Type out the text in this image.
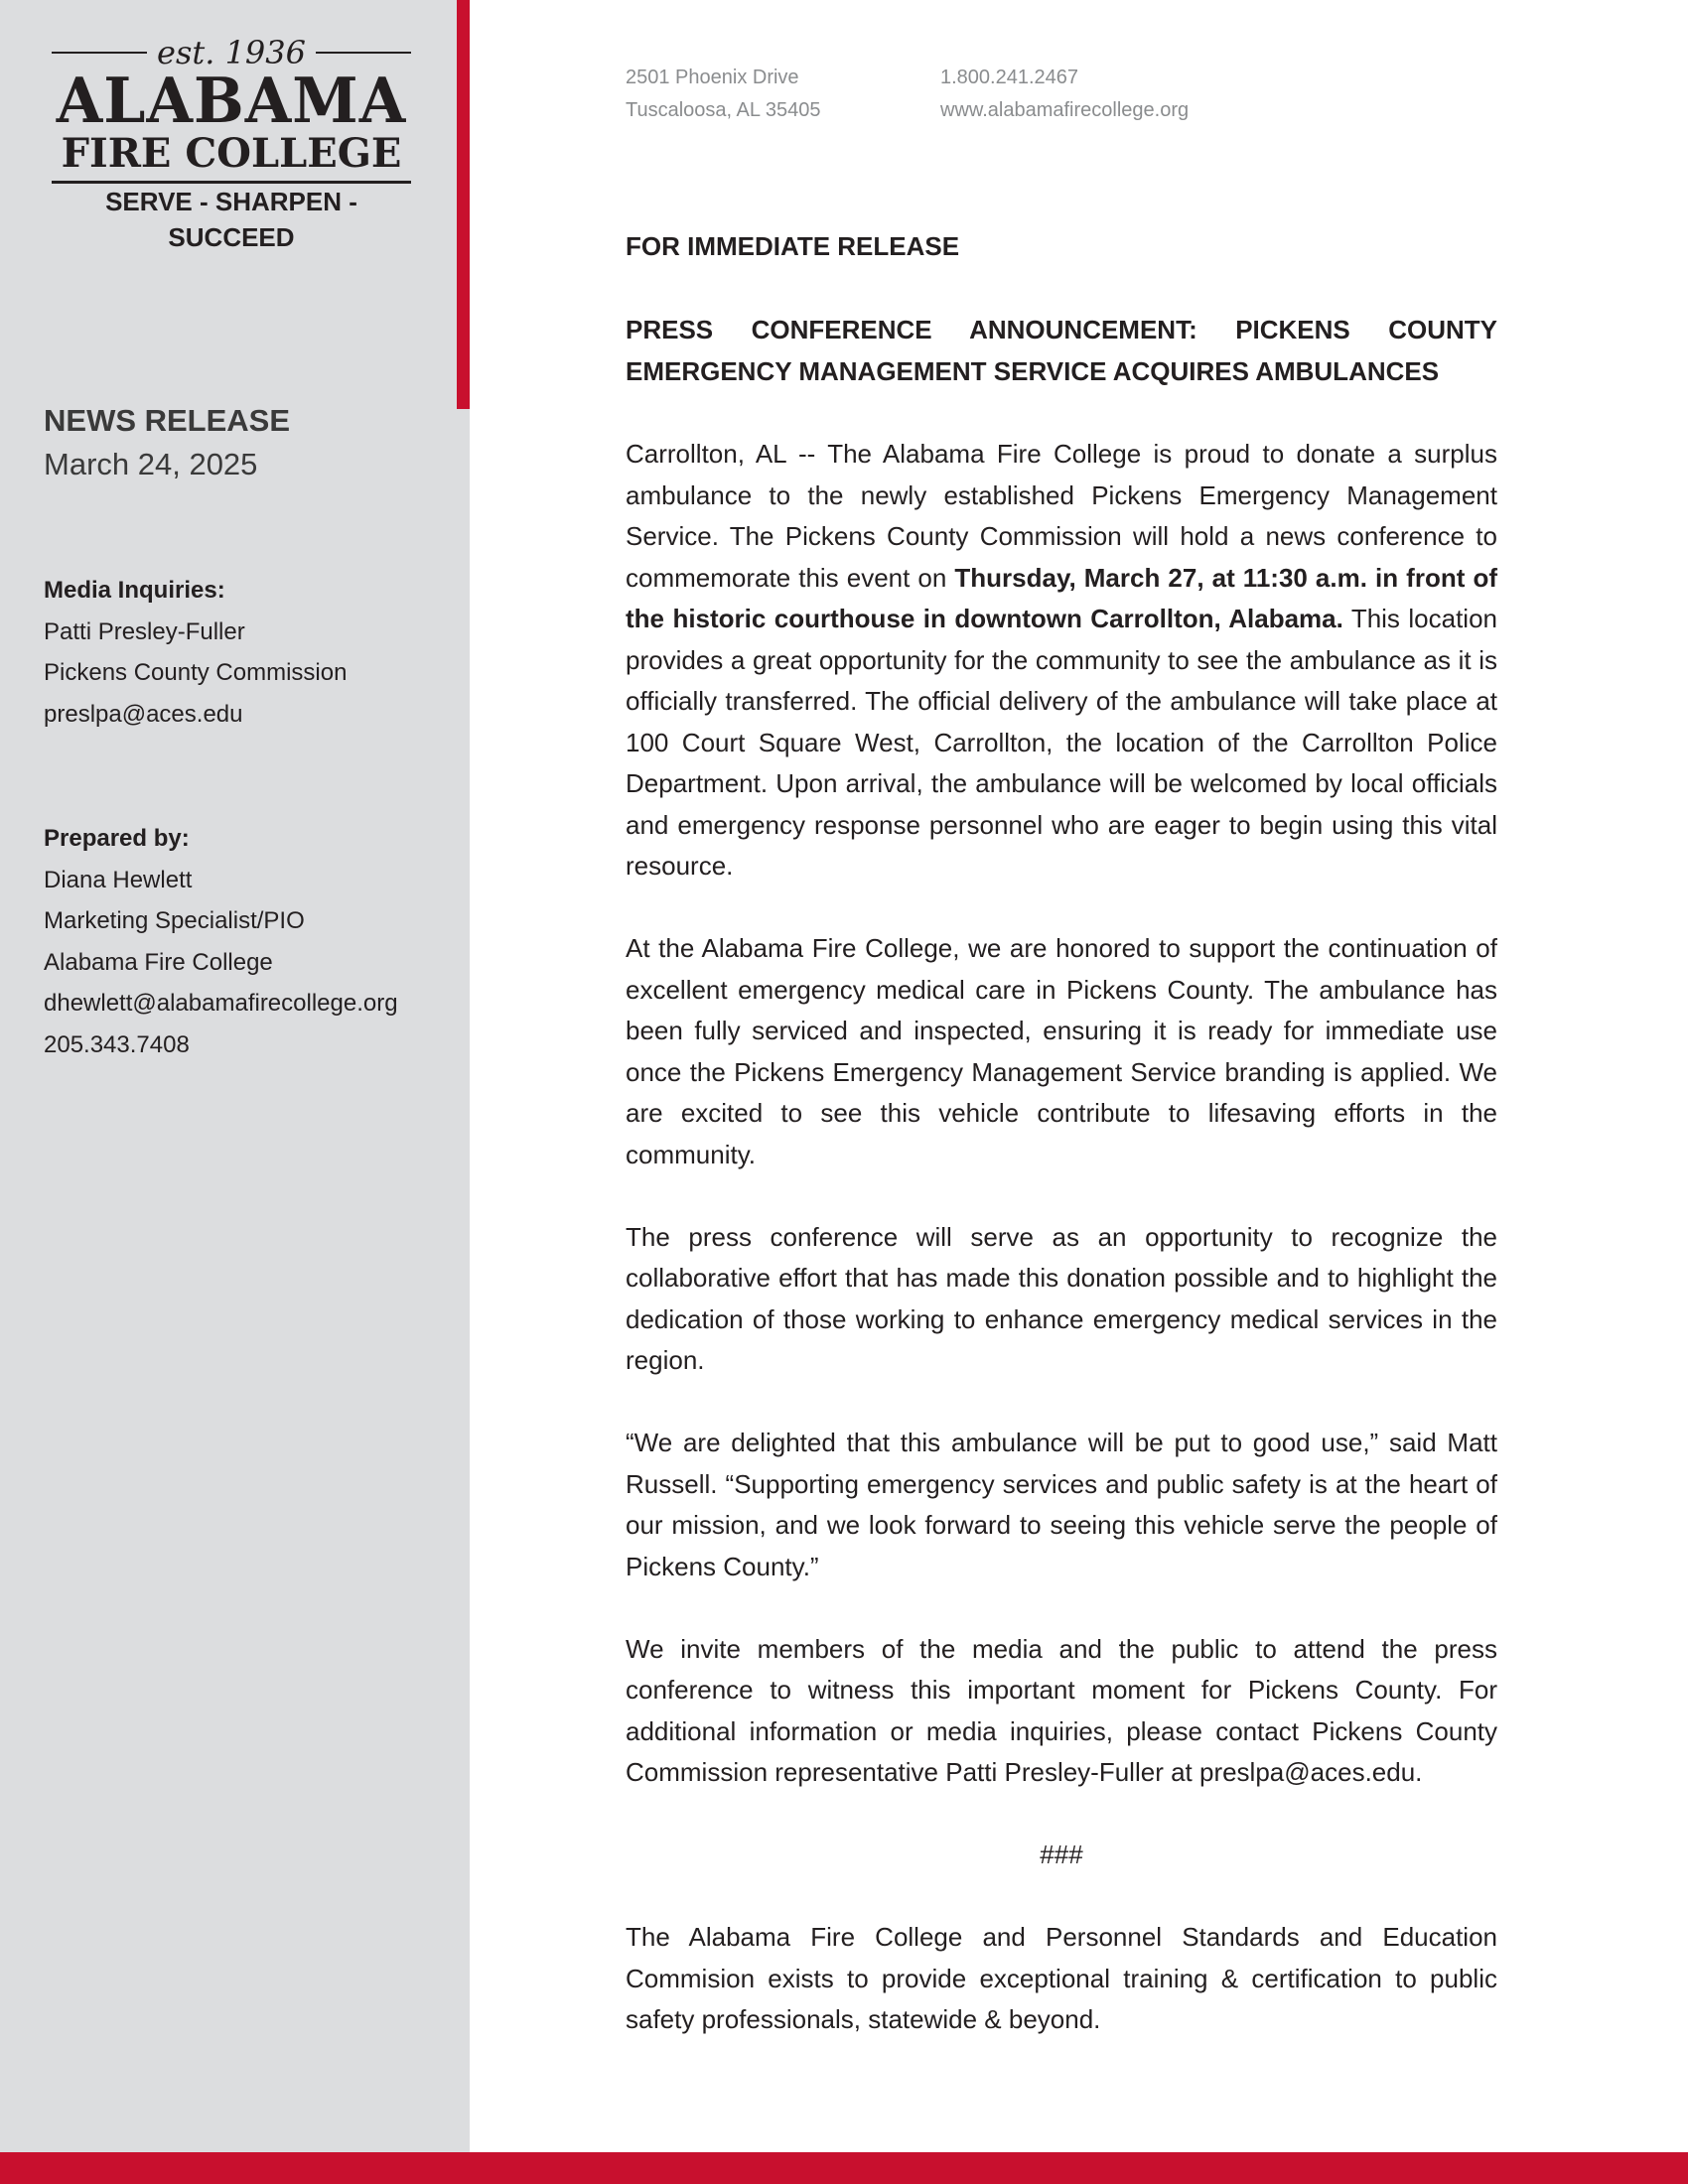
est. 1936
ALABAMA
FIRE COLLEGE
SERVE - SHARPEN - SUCCEED
2501 Phoenix Drive
Tuscaloosa, AL 35405
1.800.241.2467
www.alabamafirecollege.org
NEWS RELEASE
March 24, 2025
Media Inquiries:
Patti Presley-Fuller
Pickens County Commission
preslpa@aces.edu
Prepared by:
Diana Hewlett
Marketing Specialist/PIO
Alabama Fire College
dhewlett@alabamafirecollege.org
205.343.7408
FOR IMMEDIATE RELEASE
PRESS CONFERENCE ANNOUNCEMENT: PICKENS COUNTY EMERGENCY MANAGEMENT SERVICE ACQUIRES AMBULANCES

Carrollton, AL -- The Alabama Fire College is proud to donate a surplus ambulance to the newly established Pickens Emergency Management Service. The Pickens County Commission will hold a news conference to commemorate this event on Thursday, March 27, at 11:30 a.m. in front of the historic courthouse in downtown Carrollton, Alabama. This location provides a great opportunity for the community to see the ambulance as it is officially transferred. The official delivery of the ambulance will take place at 100 Court Square West, Carrollton, the location of the Carrollton Police Department. Upon arrival, the ambulance will be welcomed by local officials and emergency response personnel who are eager to begin using this vital resource.

At the Alabama Fire College, we are honored to support the continuation of excellent emergency medical care in Pickens County. The ambulance has been fully serviced and inspected, ensuring it is ready for immediate use once the Pickens Emergency Management Service branding is applied. We are excited to see this vehicle contribute to lifesaving efforts in the community.

The press conference will serve as an opportunity to recognize the collaborative effort that has made this donation possible and to highlight the dedication of those working to enhance emergency medical services in the region.

“We are delighted that this ambulance will be put to good use,” said Matt Russell. “Supporting emergency services and public safety is at the heart of our mission, and we look forward to seeing this vehicle serve the people of Pickens County.”

We invite members of the media and the public to attend the press conference to witness this important moment for Pickens County. For additional information or media inquiries, please contact Pickens County Commission representative Patti Presley-Fuller at preslpa@aces.edu.

###

The Alabama Fire College and Personnel Standards and Education Commision exists to provide exceptional training & certification to public safety professionals, statewide & beyond.
